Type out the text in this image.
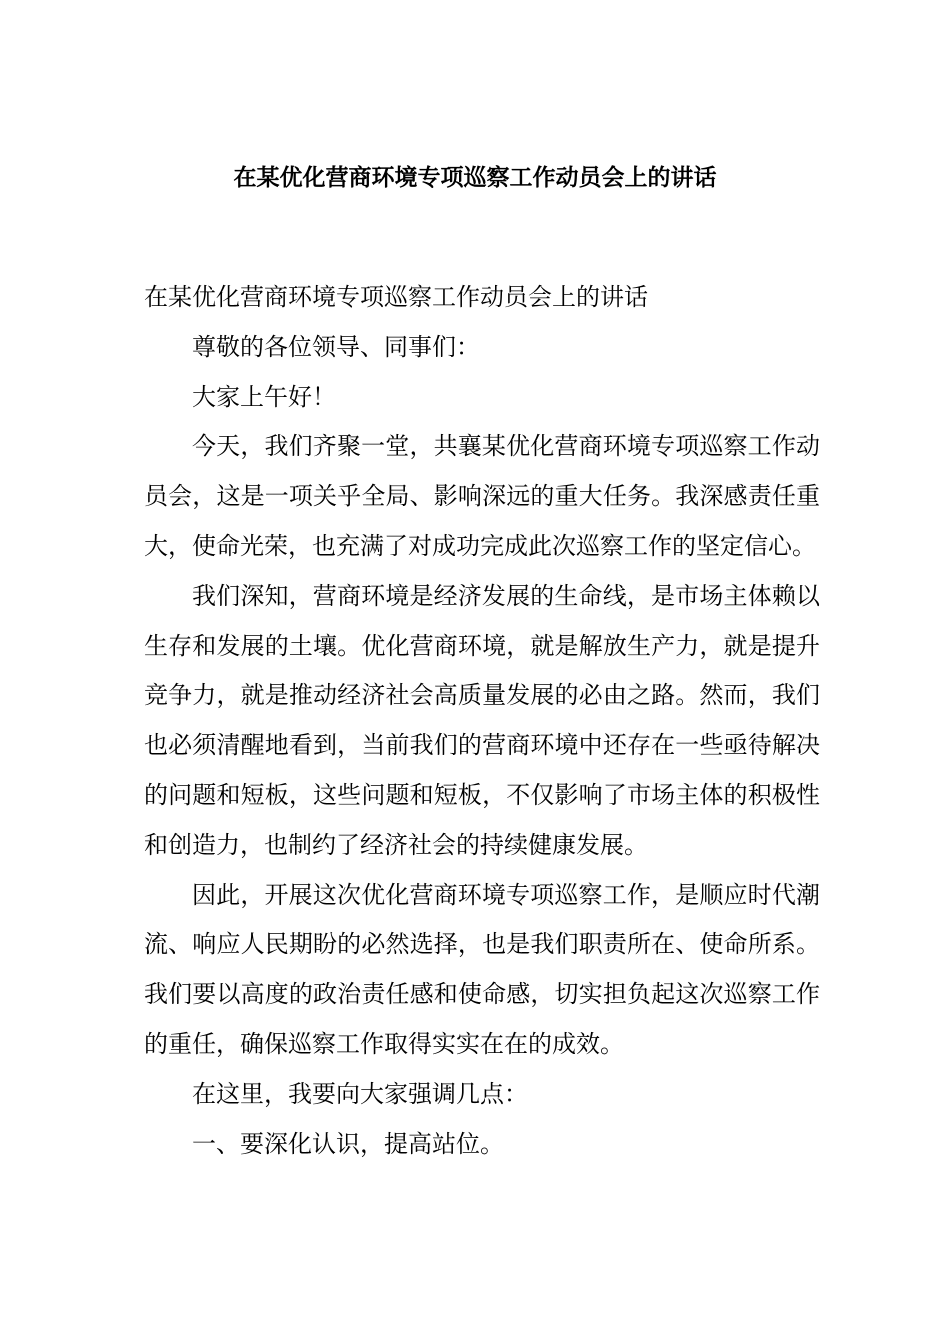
在某优化营商环境专项巡察工作动员会上的讲话

在某优化营商环境专项巡察工作动员会上的讲话

尊敬的各位领导、同事们：

大家上午好！

今天，我们齐聚一堂，共襄某优化营商环境专项巡察工作动员会，这是一项关乎全局、影响深远的重大任务。我深感责任重大，使命光荣，也充满了对成功完成此次巡察工作的坚定信心。

我们深知，营商环境是经济发展的生命线，是市场主体赖以生存和发展的土壤。优化营商环境，就是解放生产力，就是提升竞争力，就是推动经济社会高质量发展的必由之路。然而，我们也必须清醒地看到，当前我们的营商环境中还存在一些亟待解决的问题和短板，这些问题和短板，不仅影响了市场主体的积极性和创造力，也制约了经济社会的持续健康发展。

因此，开展这次优化营商环境专项巡察工作，是顺应时代潮流、响应人民期盼的必然选择，也是我们职责所在、使命所系。我们要以高度的政治责任感和使命感，切实担负起这次巡察工作的重任，确保巡察工作取得实实在在的成效。

在这里，我要向大家强调几点：

一、要深化认识，提高站位。
